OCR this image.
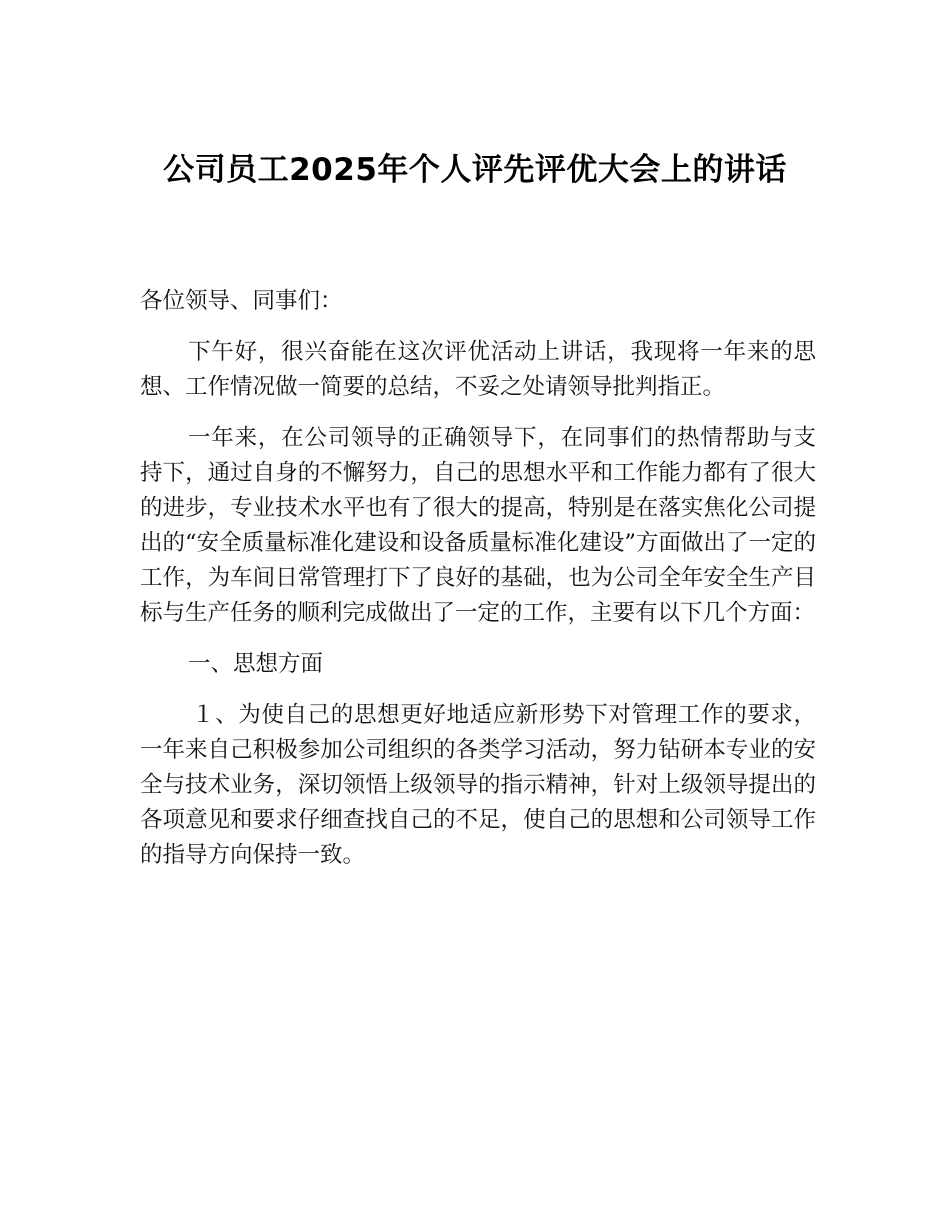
公司员工2025年个人评先评优大会上的讲话

各位领导、同事们：

下午好，很兴奋能在这次评优活动上讲话，我现将一年来的思想、工作情况做一简要的总结，不妥之处请领导批判指正。

一年来，在公司领导的正确领导下，在同事们的热情帮助与支持下，通过自身的不懈努力，自己的思想水平和工作能力都有了很大的进步，专业技术水平也有了很大的提高，特别是在落实焦化公司提出的“安全质量标准化建设和设备质量标准化建设”方面做出了一定的工作，为车间日常管理打下了良好的基础，也为公司全年安全生产目标与生产任务的顺利完成做出了一定的工作，主要有以下几个方面：

一、思想方面

１、为使自己的思想更好地适应新形势下对管理工作的要求，一年来自己积极参加公司组织的各类学习活动，努力钻研本专业的安全与技术业务，深切领悟上级领导的指示精神，针对上级领导提出的各项意见和要求仔细查找自己的不足，使自己的思想和公司领导工作的指导方向保持一致。
